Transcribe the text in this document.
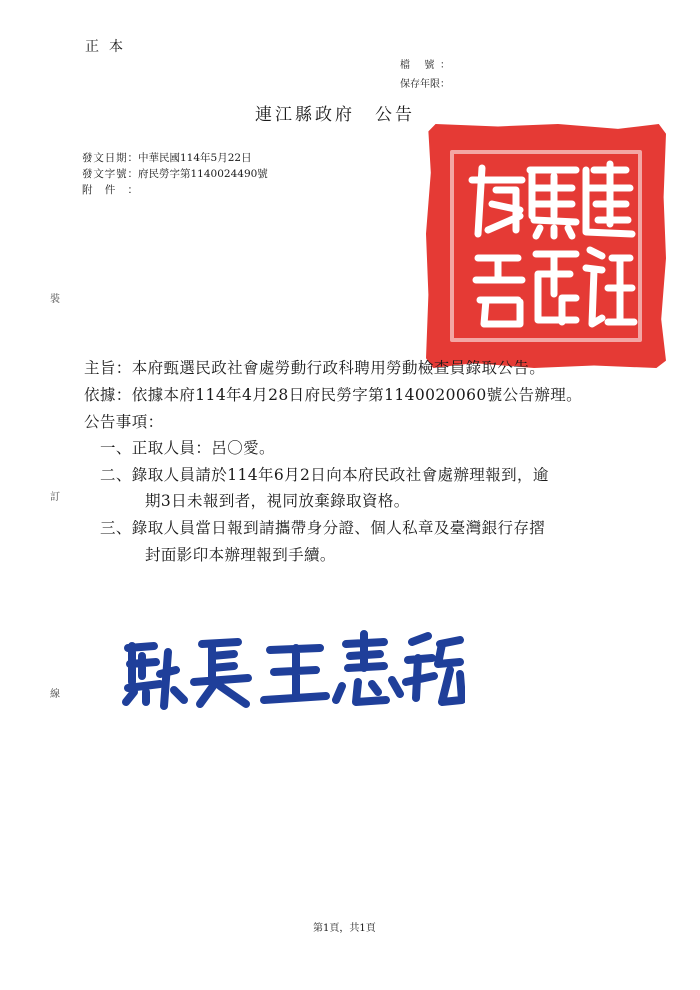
正本
檔 號：
保存年限：
連江縣政府　公告
發文日期：中華民國114年5月22日
發文字號：府民勞字第1140024490號
附件：
裝
訂
線
主旨：本府甄選民政社會處勞動行政科聘用勞動檢查員錄取公告。
依據：依據本府114年4月28日府民勞字第1140020060號公告辦理。
公告事項：
一、正取人員：呂〇愛。
二、錄取人員請於114年6月2日向本府民政社會處辦理報到，逾
期3日未報到者，視同放棄錄取資格。
三、錄取人員當日報到請攜帶身分證、個人私章及臺灣銀行存摺
封面影印本辦理報到手續。
第1頁，共1頁
